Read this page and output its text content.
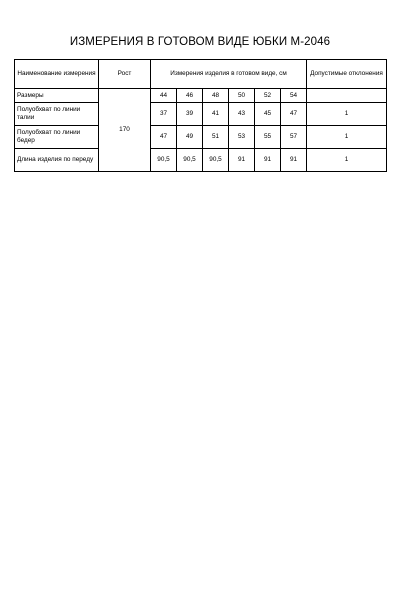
ИЗМЕРЕНИЯ В ГОТОВОМ ВИДЕ ЮБКИ М-2046
Наименование измерения	Рост	Измерения изделия в готовом виде, см						Допустимые отклонения
Размеры	170	44	46	48	50	52	54	
Полуобхват по линии талии		37	39	41	43	45	47	1
Полуобхват по линии бедер		47	49	51	53	55	57	1
Длина изделия по переду		90,5	90,5	90,5	91	91	91	1
